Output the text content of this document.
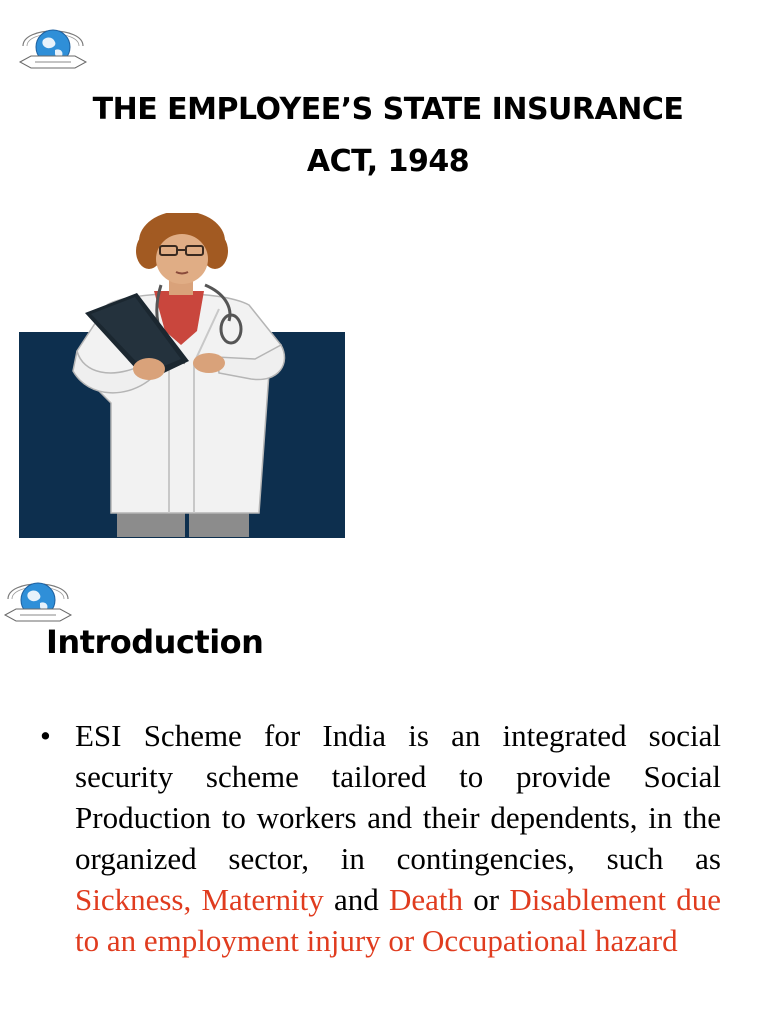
THE EMPLOYEE’S STATE INSURANCE
ACT, 1948
Introduction
• ESI Scheme for India is an integrated social security scheme tailored to provide Social Production to workers and their dependents, in the organized sector, in contingencies, such as Sickness, Maternity and Death or Disablement due to an employment injury or Occupational hazard
